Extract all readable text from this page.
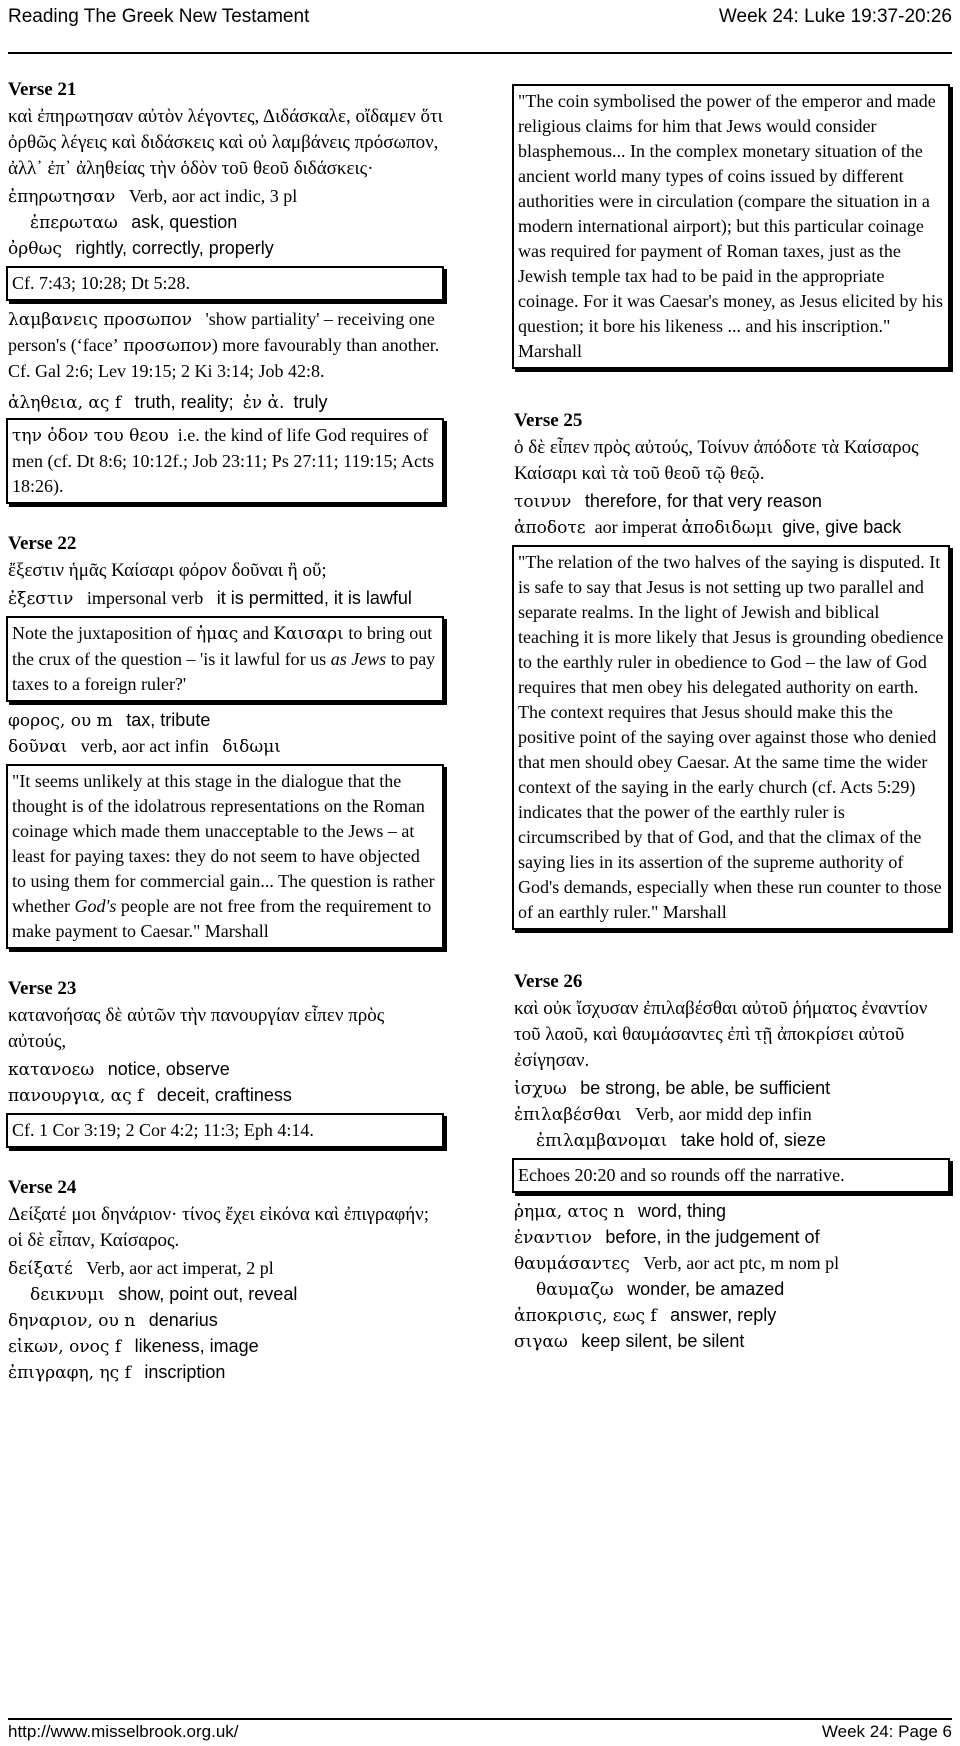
Reading The Greek New Testament	Week 24: Luke 19:37-20:26
Verse 21
καὶ ἐπηρωτησαν αὐτὸν λέγοντες, Διδάσκαλε, οἴδαμεν ὅτι ὀρθῶς λέγεις καὶ διδάσκεις καὶ οὐ λαμβάνεις πρόσωπον, ἀλλ᾿ ἐπ᾿ ἀληθείας τὴν ὁδὸν τοῦ θεοῦ διδάσκεις·
ἐπηρωτησαν Verb, aor act indic, 3 pl
ἐπερωταω ask, question
ὀρθως rightly, correctly, properly
Cf. 7:43; 10:28; Dt 5:28.
λαμβανεις προσωπον 'show partiality' – receiving one person's (‘face’ προσωπον) more favourably than another. Cf. Gal 2:6; Lev 19:15; 2 Ki 3:14; Job 42:8.
ἀληθεια, ας f truth, reality; ἐν ἀ. truly
την ὁδον του θεου i.e. the kind of life God requires of men (cf. Dt 8:6; 10:12f.; Job 23:11; Ps 27:11; 119:15; Acts 18:26).
Verse 22
ἔξεστιν ἡμᾶς Καίσαρι φόρον δοῦναι ἢ οὔ;
ἐξεστιν impersonal verb it is permitted, it is lawful
Note the juxtaposition of ἡμας and Καισαρι to bring out the crux of the question – 'is it lawful for us as Jews to pay taxes to a foreign ruler?'
φορος, ου m tax, tribute
δοῦναι verb, aor act infin διδωμι
"It seems unlikely at this stage in the dialogue that the thought is of the idolatrous representations on the Roman coinage which made them unacceptable to the Jews – at least for paying taxes: they do not seem to have objected to using them for commercial gain... The question is rather whether God's people are not free from the requirement to make payment to Caesar." Marshall
Verse 23
κατανοήσας δὲ αὐτῶν τὴν πανουργίαν εἶπεν πρὸς αὐτούς,
κατανοεω notice, observe
πανουργια, ας f deceit, craftiness
Cf. 1 Cor 3:19; 2 Cor 4:2; 11:3; Eph 4:14.
Verse 24
Δείξατέ μοι δηνάριον· τίνος ἔχει εἰκόνα καὶ ἐπιγραφήν; οἱ δὲ εἶπαν, Καίσαρος.
δείξατέ Verb, aor act imperat, 2 pl
δεικνυμι show, point out, reveal
δηναριον, ου n denarius
εἰκων, ονος f likeness, image
ἐπιγραφη, ης f inscription
"The coin symbolised the power of the emperor and made religious claims for him that Jews would consider blasphemous... In the complex monetary situation of the ancient world many types of coins issued by different authorities were in circulation (compare the situation in a modern international airport); but this particular coinage was required for payment of Roman taxes, just as the Jewish temple tax had to be paid in the appropriate coinage. For it was Caesar's money, as Jesus elicited by his question; it bore his likeness ... and his inscription." Marshall
Verse 25
ὁ δὲ εἶπεν πρὸς αὐτούς, Τοίνυν ἀπόδοτε τὰ Καίσαρος Καίσαρι καὶ τὰ τοῦ θεοῦ τῷ θεῷ.
τοινυν therefore, for that very reason
ἀποδοτε aor imperat ἀποδιδωμι give, give back
"The relation of the two halves of the saying is disputed. It is safe to say that Jesus is not setting up two parallel and separate realms. In the light of Jewish and biblical teaching it is more likely that Jesus is grounding obedience to the earthly ruler in obedience to God – the law of God requires that men obey his delegated authority on earth. The context requires that Jesus should make this the positive point of the saying over against those who denied that men should obey Caesar. At the same time the wider context of the saying in the early church (cf. Acts 5:29) indicates that the power of the earthly ruler is circumscribed by that of God, and that the climax of the saying lies in its assertion of the supreme authority of God's demands, especially when these run counter to those of an earthly ruler." Marshall
Verse 26
καὶ οὐκ ἴσχυσαν ἐπιλαβέσθαι αὐτοῦ ῥήματος ἐναντίον τοῦ λαοῦ, καὶ θαυμάσαντες ἐπὶ τῇ ἀποκρίσει αὐτοῦ ἐσίγησαν.
ἰσχυω be strong, be able, be sufficient
ἐπιλαβέσθαι Verb, aor midd dep infin
ἐπιλαμβανομαι take hold of, sieze
Echoes 20:20 and so rounds off the narrative.
ῥημα, ατος n word, thing
ἐναντιον before, in the judgement of
θαυμάσαντες Verb, aor act ptc, m nom pl
θαυμαζω wonder, be amazed
ἀποκρισις, εως f answer, reply
σιγαω keep silent, be silent
http://www.misselbrook.org.uk/	Week 24: Page 6
